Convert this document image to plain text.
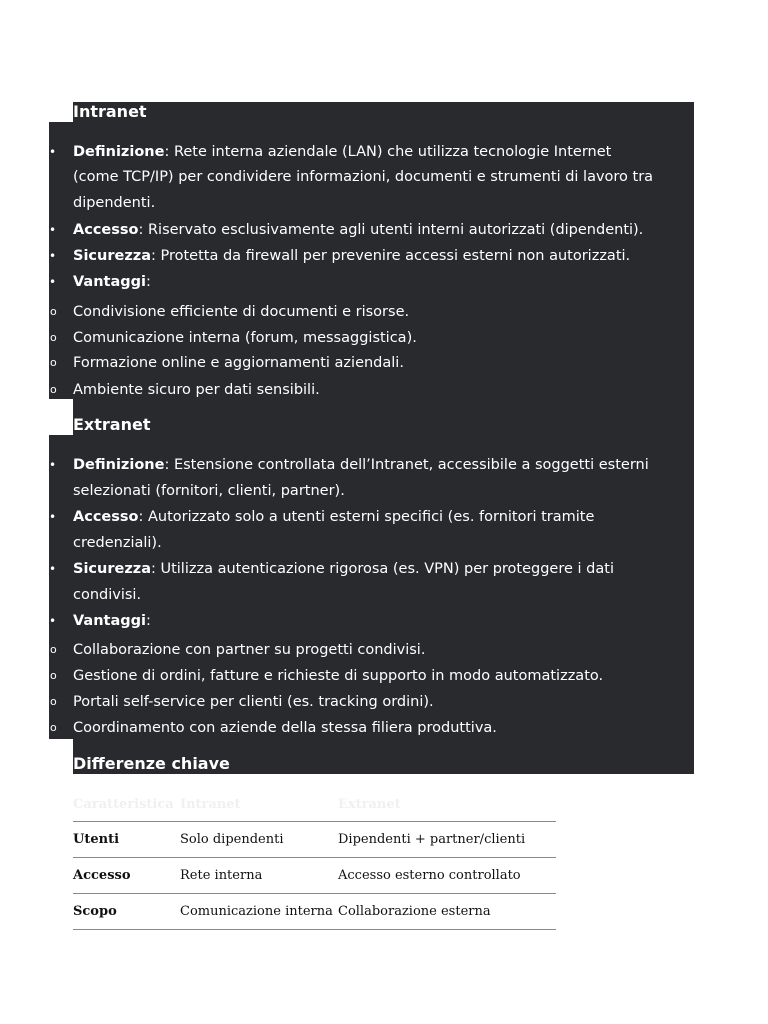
Intranet
• Definizione: Rete interna aziendale (LAN) che utilizza tecnologie Internet
(come TCP/IP) per condividere informazioni, documenti e strumenti di lavoro tra
dipendenti.
• Accesso: Riservato esclusivamente agli utenti interni autorizzati (dipendenti).
• Sicurezza: Protetta da firewall per prevenire accessi esterni non autorizzati.
• Vantaggi:
o Condivisione efficiente di documenti e risorse.
o Comunicazione interna (forum, messaggistica).
o Formazione online e aggiornamenti aziendali.
o Ambiente sicuro per dati sensibili.
Extranet
• Definizione: Estensione controllata dell’Intranet, accessibile a soggetti esterni
selezionati (fornitori, clienti, partner).
• Accesso: Autorizzato solo a utenti esterni specifici (es. fornitori tramite
credenziali).
• Sicurezza: Utilizza autenticazione rigorosa (es. VPN) per proteggere i dati
condivisi.
• Vantaggi:
o Collaborazione con partner su progetti condivisi.
o Gestione di ordini, fatture e richieste di supporto in modo automatizzato.
o Portali self-service per clienti (es. tracking ordini).
o Coordinamento con aziende della stessa filiera produttiva.
Differenze chiave
Caratteristica	Intranet	Extranet
Utenti	Solo dipendenti	Dipendenti + partner/clienti
Accesso	Rete interna	Accesso esterno controllato
Scopo	Comunicazione interna	Collaborazione esterna
